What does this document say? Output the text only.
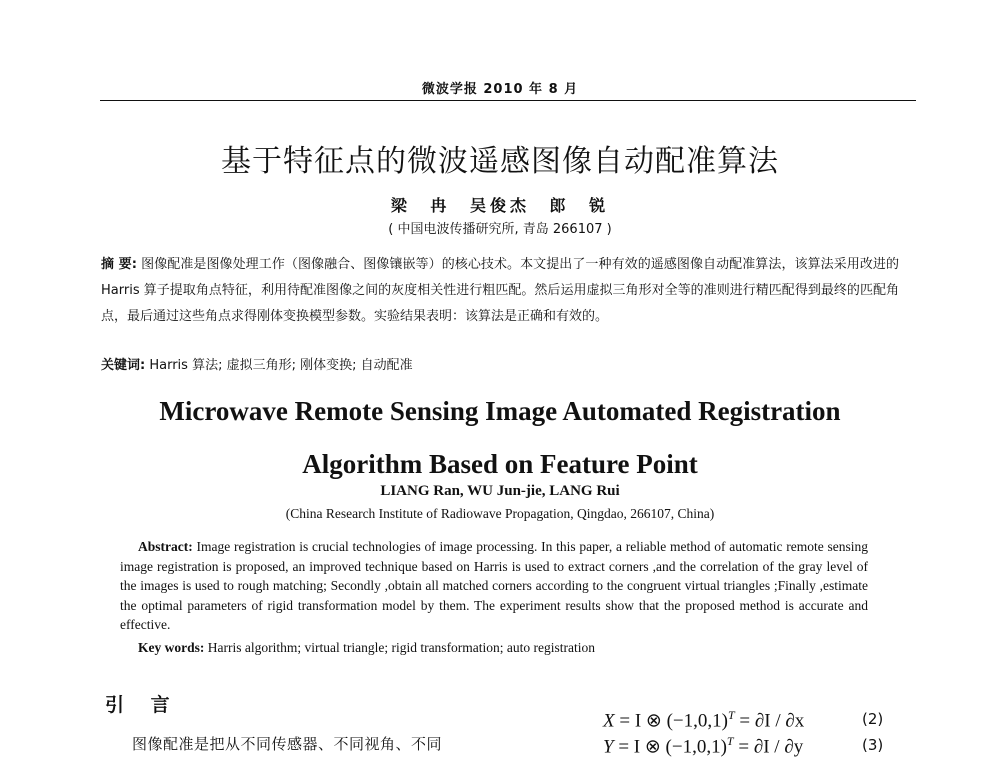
微波学报 2010 年 8 月
基于特征点的微波遥感图像自动配准算法
梁 冉 吴俊杰 郎 锐
( 中国电波传播研究所, 青岛 266107 )
摘 要: 图像配准是图像处理工作（图像融合、图像镶嵌等）的核心技术。本文提出了一种有效的遥感图像自动配准算法，该算法采用改进的 Harris 算子提取角点特征，利用待配准图像之间的灰度相关性进行粗匹配。然后运用虚拟三角形对全等的准则进行精匹配得到最终的匹配角点，最后通过这些角点求得刚体变换模型参数。实验结果表明：该算法是正确和有效的。
关键词: Harris 算法; 虚拟三角形; 刚体变换; 自动配准
Microwave Remote Sensing Image Automated Registration
Algorithm Based on Feature Point
LIANG Ran, WU Jun-jie, LANG Rui
(China Research Institute of Radiowave Propagation, Qingdao, 266107, China)
Abstract: Image registration is crucial technologies of image processing. In this paper, a reliable method of automatic remote sensing image registration is proposed, an improved technique based on Harris is used to extract corners ,and the correlation of the gray level of the images is used to rough matching; Secondly ,obtain all matched corners according to the congruent virtual triangles ;Finally ,estimate the optimal parameters of rigid transformation model by them. The experiment results show that the proposed method is accurate and effective.
Key words: Harris algorithm; virtual triangle; rigid transformation; auto registration
引 言
图像配准是把从不同传感器、不同视角、不同
X = I ⊗ $(-1,0,1)^T = \partial I / \partial x$	(2)
Y = I ⊗ $(-1,0,1)^T = \partial I / \partial y$	(3)
